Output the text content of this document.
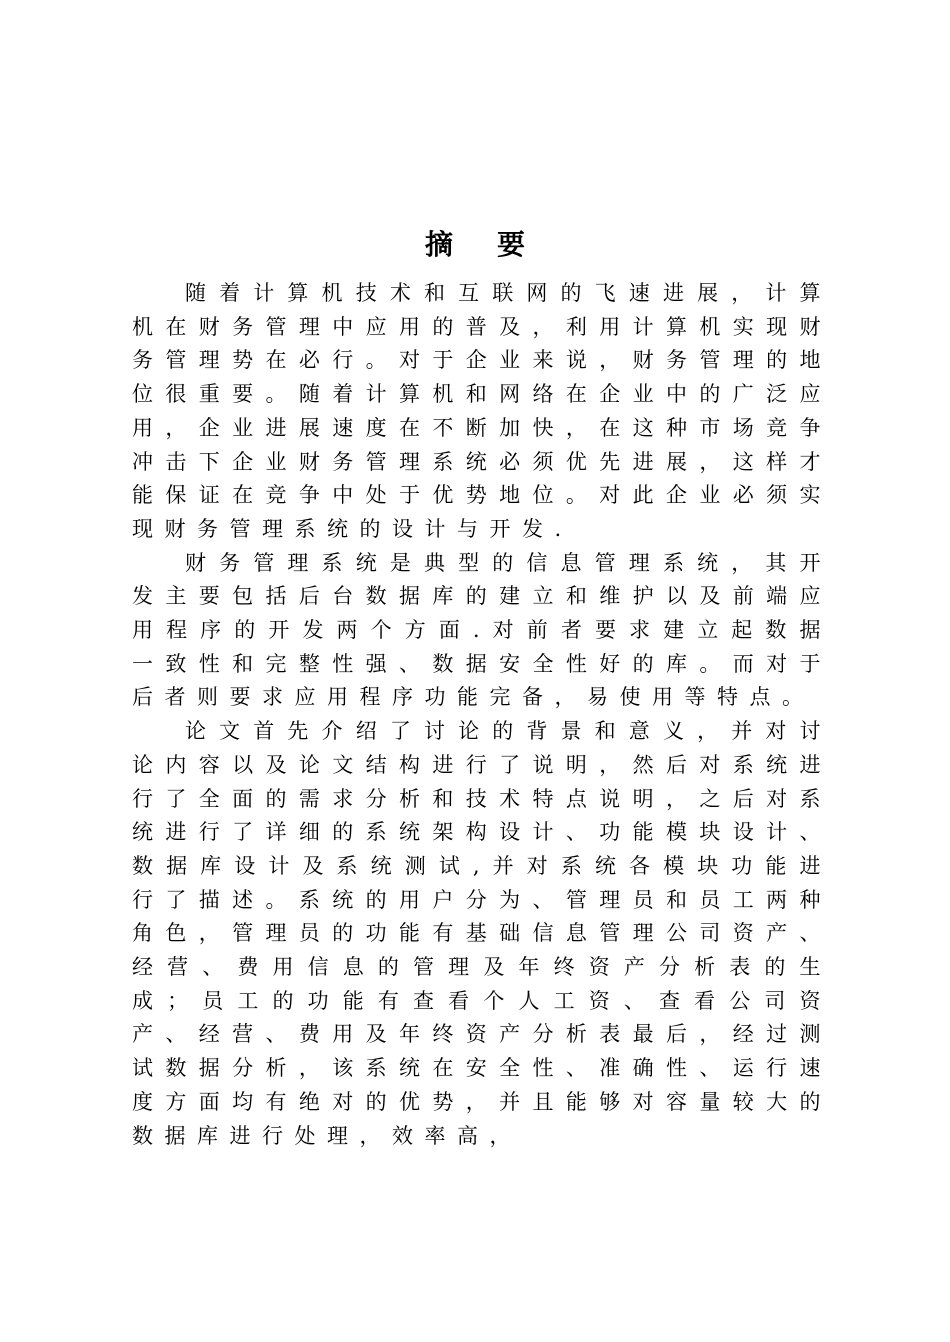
摘要

随着计算机技术和互联网的飞速进展，计算机在财务管理中应用的普及，利用计算机实现财务管理势在必行。对于企业来说，财务管理的地位很重要。随着计算机和网络在企业中的广泛应用，企业进展速度在不断加快，在这种市场竞争冲击下企业财务管理系统必须优先进展，这样才能保证在竞争中处于优势地位。对此企业必须实现财务管理系统的设计与开发.

财务管理系统是典型的信息管理系统，其开发主要包括后台数据库的建立和维护以及前端应用程序的开发两个方面.对前者要求建立起数据一致性和完整性强、数据安全性好的库。而对于后者则要求应用程序功能完备，易使用等特点。

论文首先介绍了讨论的背景和意义，并对讨论内容以及论文结构进行了说明，然后对系统进行了全面的需求分析和技术特点说明，之后对系统进行了详细的系统架构设计、功能模块设计、数据库设计及系统测试,并对系统各模块功能进行了描述。系统的用户分为、管理员和员工两种角色，管理员的功能有基础信息管理公司资产、经营、费用信息的管理及年终资产分析表的生成；员工的功能有查看个人工资、查看公司资产、经营、费用及年终资产分析表最后，经过测试数据分析，该系统在安全性、准确性、运行速度方面均有绝对的优势，并且能够对容量较大的数据库进行处理，效率高，
